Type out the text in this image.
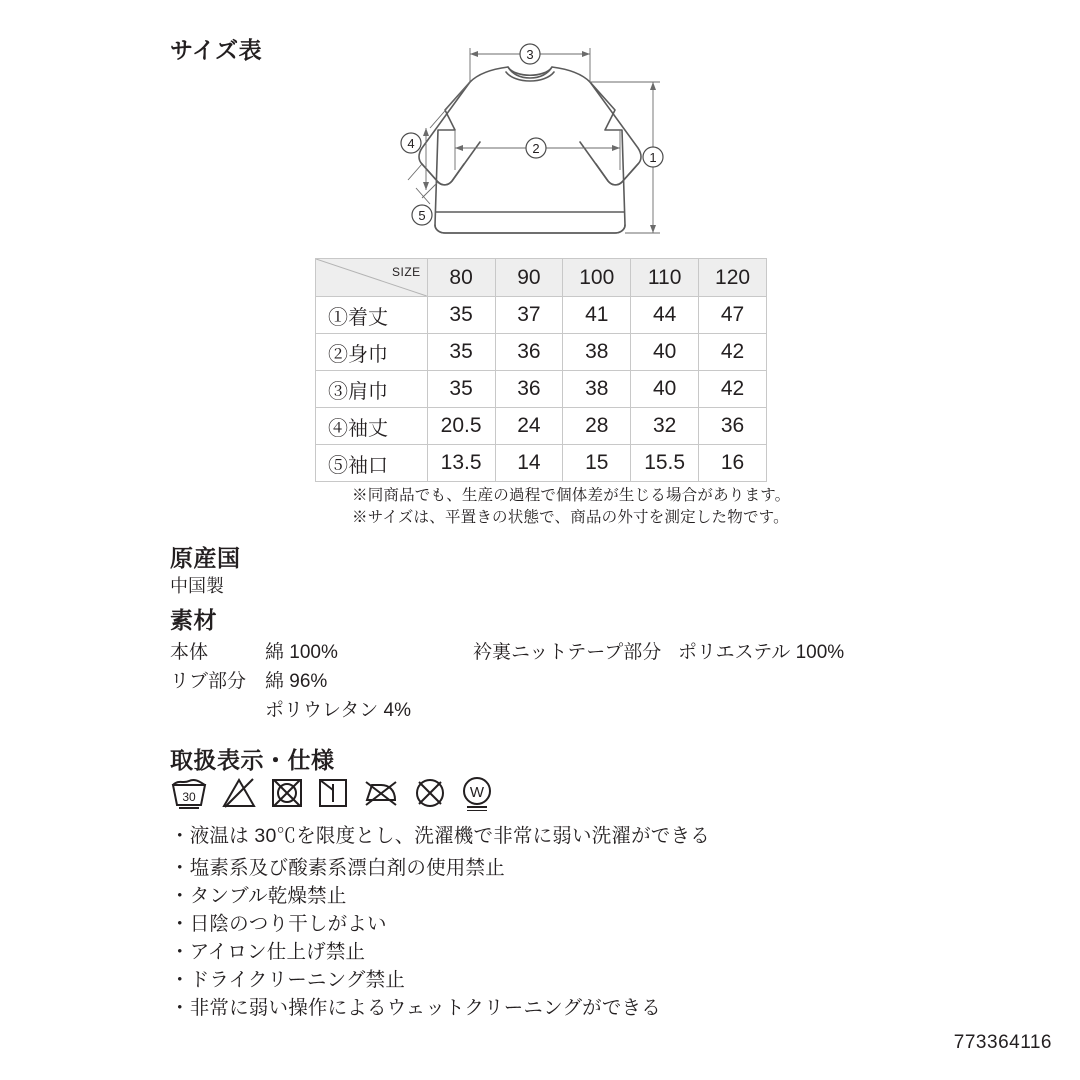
サイズ表	3
1
2
4
5
SIZE	80	90	100	110	120
①着丈	35	37	41	44	47
②身巾	35	36	38	40	42
③肩巾	35	36	38	40	42
④袖丈	20.5	24	28	32	36
⑤袖口	13.5	14	15	15.5	16
※同商品でも、生産の過程で個体差が生じる場合があります。
※サイズは、平置きの状態で、商品の外寸を測定した物です。
原産国
中国製
素材
本体	綿 100%	衿裏ニットテープ部分 ポリエステル 100%
リブ部分 綿 96%
ポリウレタン 4%
取扱表示・仕様
30	W
・液温は 30℃を限度とし、洗濯機で非常に弱い洗濯ができる
・塩素系及び酸素系漂白剤の使用禁止
・タンブル乾燥禁止
・日陰のつり干しがよい
・アイロン仕上げ禁止
・ドライクリーニング禁止
・非常に弱い操作によるウェットクリーニングができる
773364116
